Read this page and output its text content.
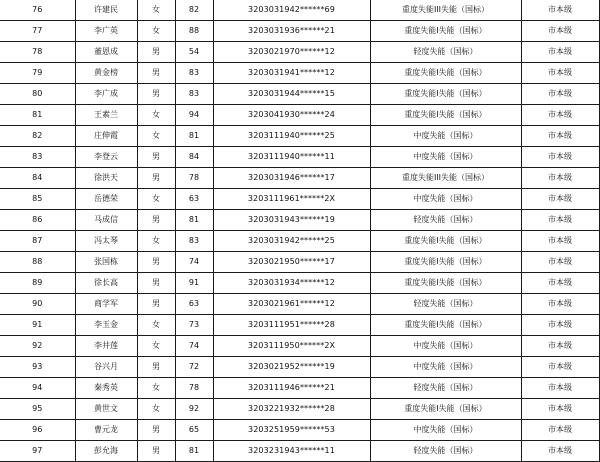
76	许建民	女	82	3203031942******69	重度失能III失能（国标）	市本级
77	李广英	女	88	3203031936******21	重度失能I失能（国标）	市本级
78	董恩成	男	54	3203021970******12	轻度失能（国标）	市本级
79	黄金榜	男	83	3203031941******12	重度失能I失能（国标）	市本级
80	李广成	男	83	3203031944******15	重度失能I失能（国标）	市本级
81	王素兰	女	94	3203041930******24	重度失能I失能（国标）	市本级
82	庄伸霞	女	81	3203111940******25	中度失能（国标）	市本级
83	李登云	男	84	3203111940******11	中度失能（国标）	市本级
84	徐洪天	男	78	3203031946******17	重度失能III失能（国标）	市本级
85	岳德荣	女	63	3203111961******2X	中度失能（国标）	市本级
86	马成信	男	81	3203031943******19	轻度失能（国标）	市本级
87	冯太琴	女	83	3203031942******25	重度失能I失能（国标）	市本级
88	张国栋	男	74	3203021950******17	重度失能I失能（国标）	市本级
89	徐长高	男	91	3203031934******12	重度失能I失能（国标）	市本级
90	商学军	男	63	3203021961******12	轻度失能（国标）	市本级
91	李玉金	女	73	3203111951******28	重度失能I失能（国标）	市本级
92	李井莲	女	74	3203111950******2X	中度失能（国标）	市本级
93	谷兴月	男	72	3203021952******19	中度失能（国标）	市本级
94	秦秀英	女	78	3203111946******21	轻度失能（国标）	市本级
95	黄世文	女	92	3203221932******28	重度失能I失能（国标）	市本级
96	曹元龙	男	65	3203251959******53	中度失能（国标）	市本级
97	彭允海	男	81	3203231943******11	轻度失能（国标）	市本级
